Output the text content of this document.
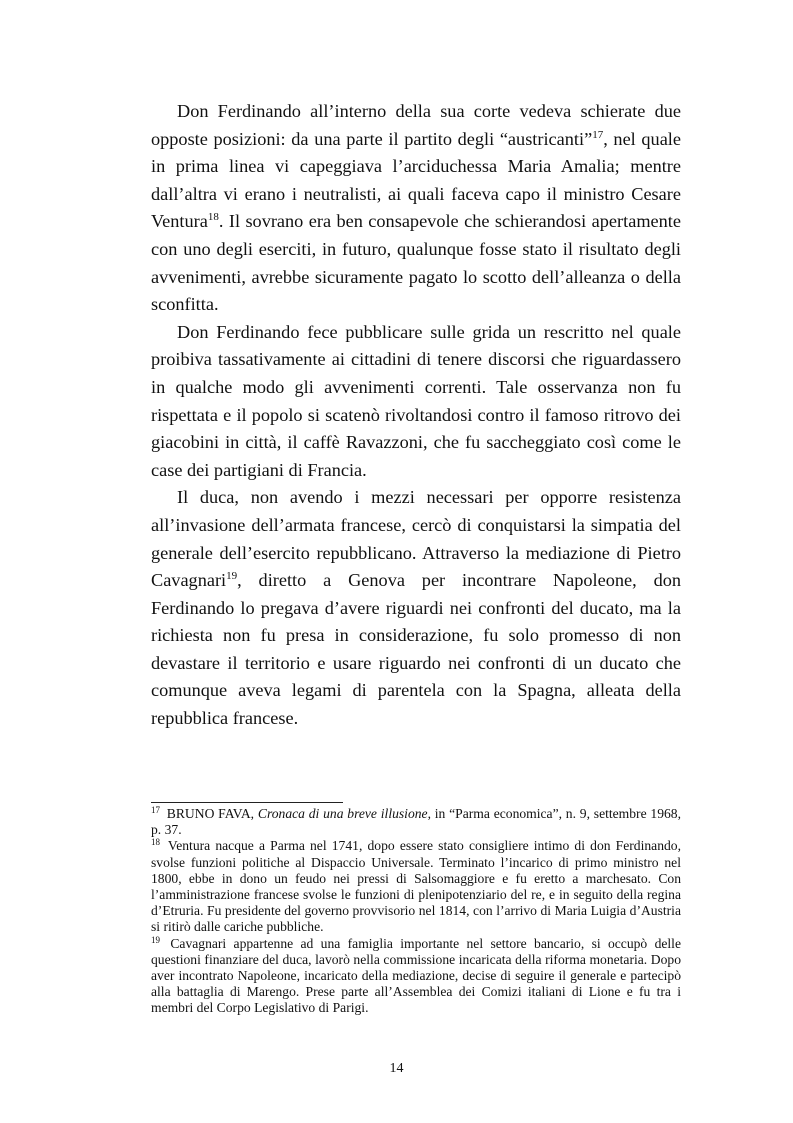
Don Ferdinando all’interno della sua corte vedeva schierate due opposte posizioni: da una parte il partito degli “austricanti”$^{17}$, nel quale in prima linea vi capeggiava l’arciduchessa Maria Amalia; mentre dall’altra vi erano i neutralisti, ai quali faceva capo il ministro Cesare Ventura$^{18}$. Il sovrano era ben consapevole che schierandosi apertamente con uno degli eserciti, in futuro, qualunque fosse stato il risultato degli avvenimenti, avrebbe sicuramente pagato lo scotto dell’alleanza o della sconfitta.

Don Ferdinando fece pubblicare sulle grida un rescritto nel quale proibiva tassativamente ai cittadini di tenere discorsi che riguardassero in qualche modo gli avvenimenti correnti. Tale osservanza non fu rispettata e il popolo si scatenò rivoltandosi contro il famoso ritrovo dei giacobini in città, il caffè Ravazzoni, che fu saccheggiato così come le case dei partigiani di Francia.

Il duca, non avendo i mezzi necessari per opporre resistenza all’invasione dell’armata francese, cercò di conquistarsi la simpatia del generale dell’esercito repubblicano. Attraverso la mediazione di Pietro Cavagnari$^{19}$, diretto a Genova per incontrare Napoleone, don Ferdinando lo pregava d’avere riguardi nei confronti del ducato, ma la richiesta non fu presa in considerazione, fu solo promesso di non devastare il territorio e usare riguardo nei confronti di un ducato che comunque aveva legami di parentela con la Spagna, alleata della repubblica francese.

$^{17}$ BRUNO FAVA, Cronaca di una breve illusione, in “Parma economica”, n. 9, settembre 1968, p. 37.

$^{18}$ Ventura nacque a Parma nel 1741, dopo essere stato consigliere intimo di don Ferdinando, svolse funzioni politiche al Dispaccio Universale. Terminato l’incarico di primo ministro nel 1800, ebbe in dono un feudo nei pressi di Salsomaggiore e fu eretto a marchesato. Con l’amministrazione francese svolse le funzioni di plenipotenziario del re, e in seguito della regina d’Etruria. Fu presidente del governo provvisorio nel 1814, con l’arrivo di Maria Luigia d’Austria si ritirò dalle cariche pubbliche.

$^{19}$ Cavagnari appartenne ad una famiglia importante nel settore bancario, si occupò delle questioni finanziare del duca, lavorò nella commissione incaricata della riforma monetaria. Dopo aver incontrato Napoleone, incaricato della mediazione, decise di seguire il generale e partecipò alla battaglia di Marengo. Prese parte all’Assemblea dei Comizi italiani di Lione e fu tra i membri del Corpo Legislativo di Parigi.

14
